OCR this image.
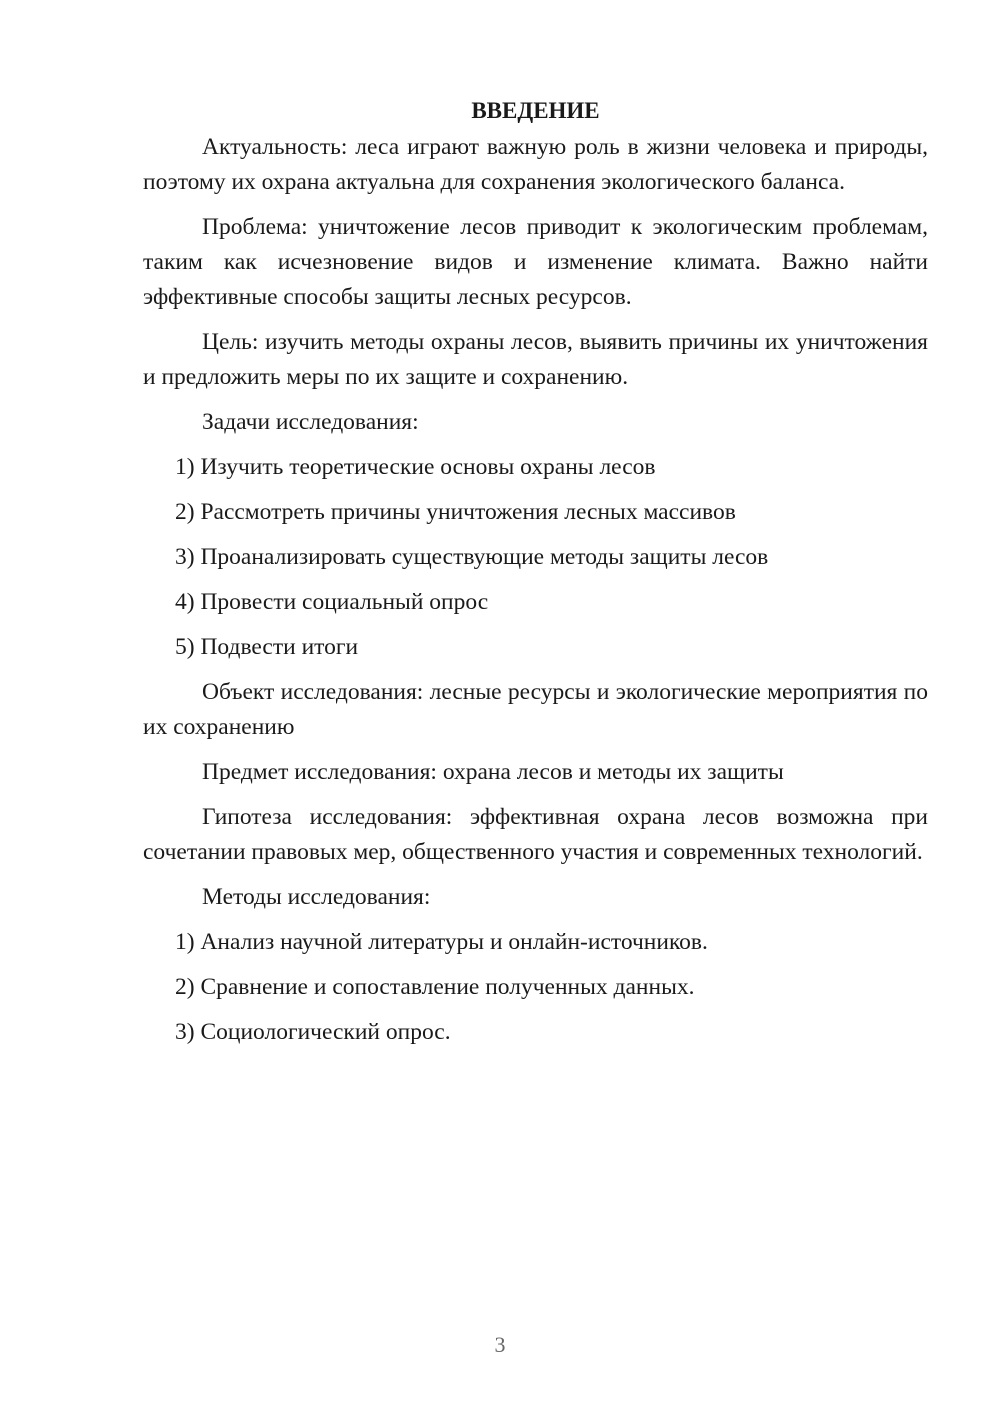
ВВЕДЕНИЕ

Актуальность: леса играют важную роль в жизни человека и природы, поэтому их охрана актуальна для сохранения экологического баланса.

Проблема: уничтожение лесов приводит к экологическим проблемам, таким как исчезновение видов и изменение климата. Важно найти эффективные способы защиты лесных ресурсов.

Цель: изучить методы охраны лесов, выявить причины их уничтожения и предложить меры по их защите и сохранению.

Задачи исследования:

1) Изучить теоретические основы охраны лесов

2) Рассмотреть причины уничтожения лесных массивов

3) Проанализировать существующие методы защиты лесов

4) Провести социальный опрос

5) Подвести итоги

Объект исследования: лесные ресурсы и экологические мероприятия по их сохранению

Предмет исследования: охрана лесов и методы их защиты

Гипотеза исследования: эффективная охрана лесов возможна при сочетании правовых мер, общественного участия и современных технологий.

Методы исследования:

1) Анализ научной литературы и онлайн-источников.

2) Сравнение и сопоставление полученных данных.

3) Социологический опрос.

3
